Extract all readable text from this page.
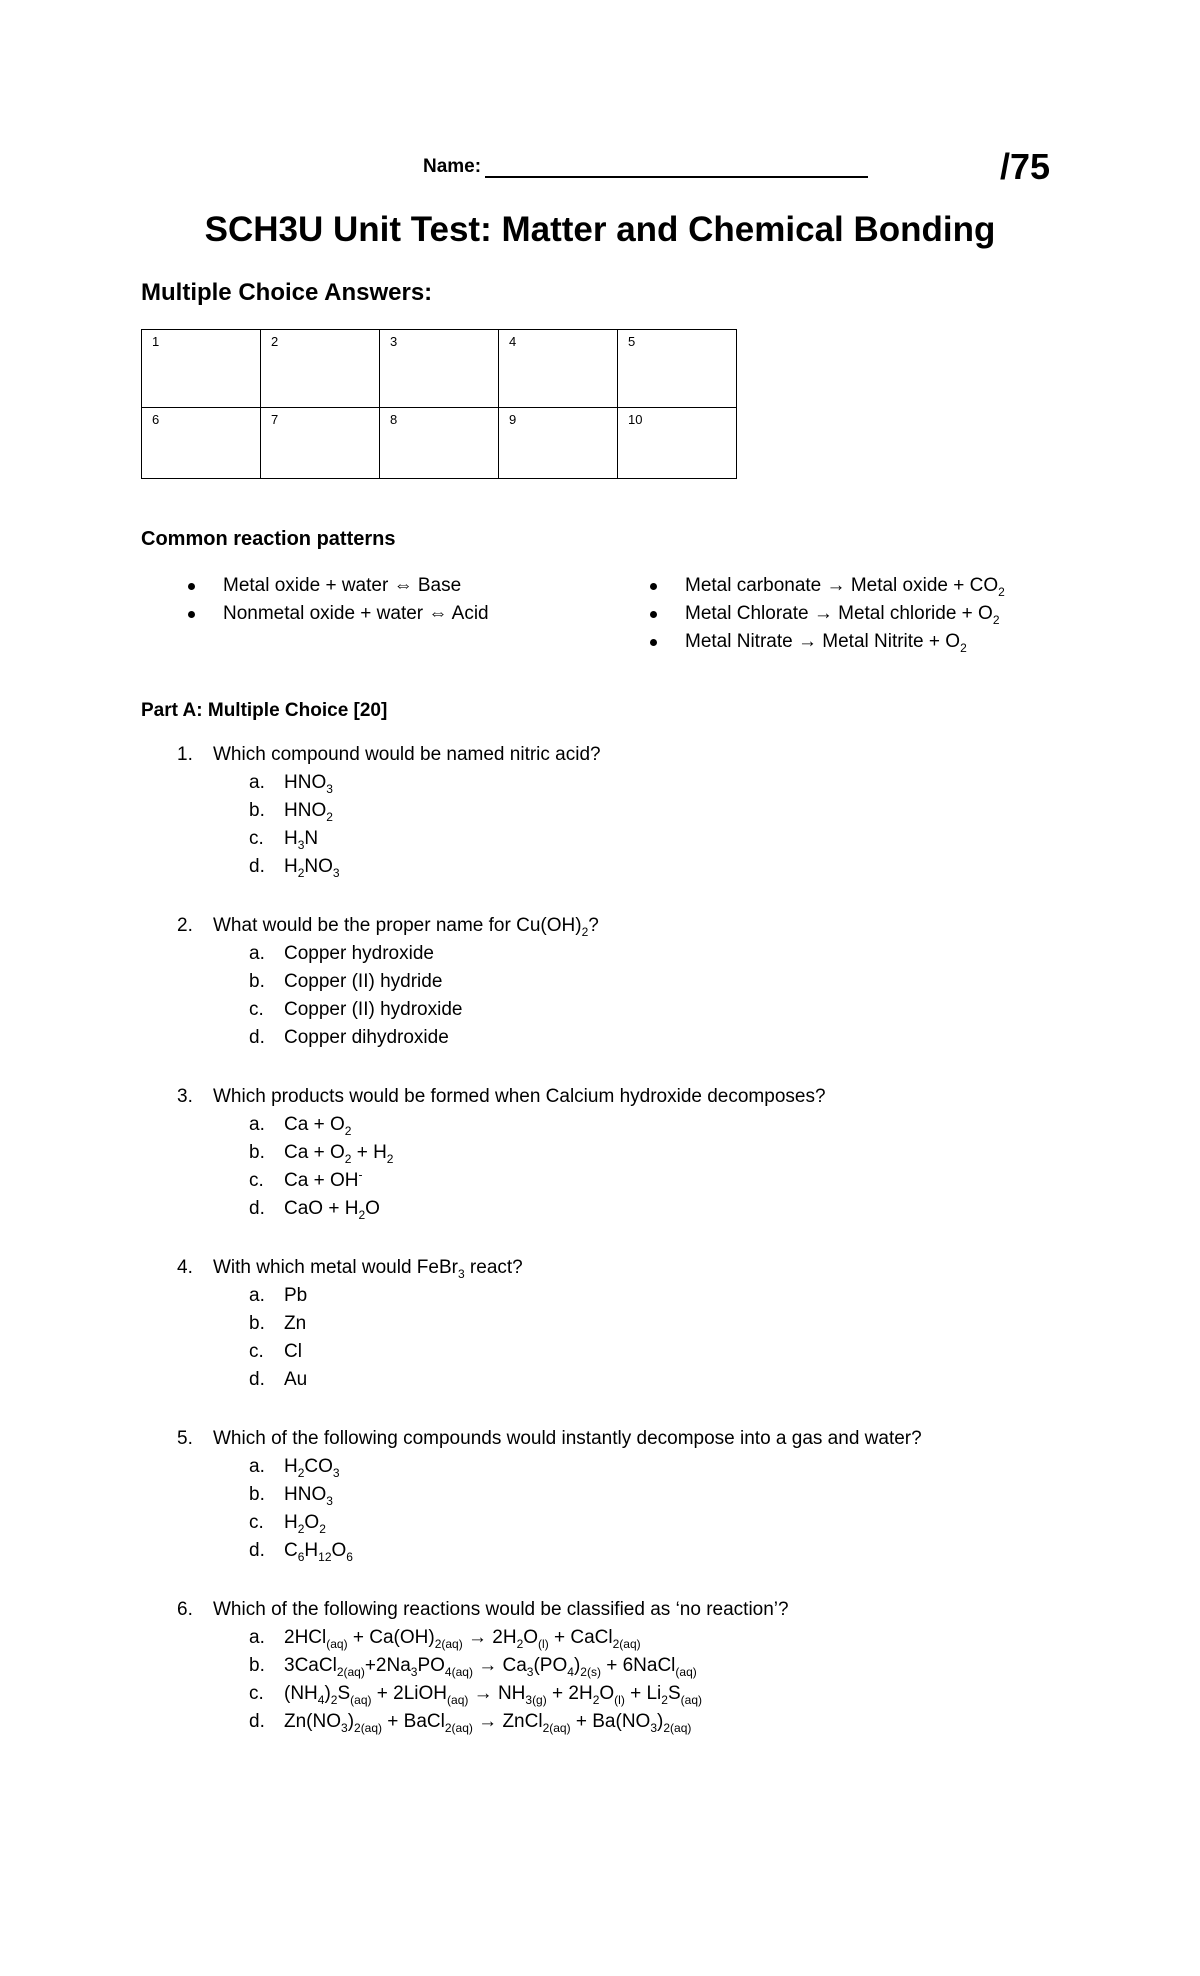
Name:	/75
SCH3U Unit Test: Matter and Chemical Bonding
Multiple Choice Answers:
1	2	3	4	5
6	7	8	9	10
Common reaction patterns
Metal oxide + water ⇔ Base
Nonmetal oxide + water ⇔ Acid
Metal carbonate → Metal oxide + $CO_2$
Metal Chlorate → Metal chloride + $O_2$
Metal Nitrate → Metal Nitrite + $O_2$
Part A: Multiple Choice [20]
1. Which compound would be named nitric acid?
a. $HNO_3$
b. $HNO_2$
c. $H_3N$
d. $H_2NO_3$
2. What would be the proper name for $Cu(OH)_2$?
a. Copper hydroxide
b. Copper (II) hydride
c. Copper (II) hydroxide
d. Copper dihydroxide
3. Which products would be formed when Calcium hydroxide decomposes?
a. $Ca + O_2$
b. $Ca + O_2 + H_2$
c. Ca + OH-
d. CaO + $H_2O$
4. With which metal would FeBr$_3$ react?
a. Pb
b. Zn
c. Cl
d. Au
5. Which of the following compounds would instantly decompose into a gas and water?
a. $H_2CO_3$
b. $HNO_3$
c. $H_2O_2$
d. $C_6H_{12}O_6$
6. Which of the following reactions would be classified as ‘no reaction’?
a. $2HCl_{(aq)} + Ca(OH)_{2(aq)} \to 2H_2O_{(l)}$ + CaCl$_{2(aq)}$
b. $3CaCl_{2(aq)}+2Na_3PO_{4(aq)} \to Ca_3(PO_4)_{2(s)}$ + 6NaCl$_{(aq)}$
c. $(NH_4)_2S_{(aq)}$ + 2LiOH$_{(aq)}$ → $NH_{3(g)} + 2H_2O_{(l)} + Li_2S_{(aq)}$
d. $Zn(NO_3)_{2(aq)}$ + BaCl$_{2(aq)}$ → ZnCl$_{2(aq)}$ + $Ba(NO_3)_{2(aq)}$
